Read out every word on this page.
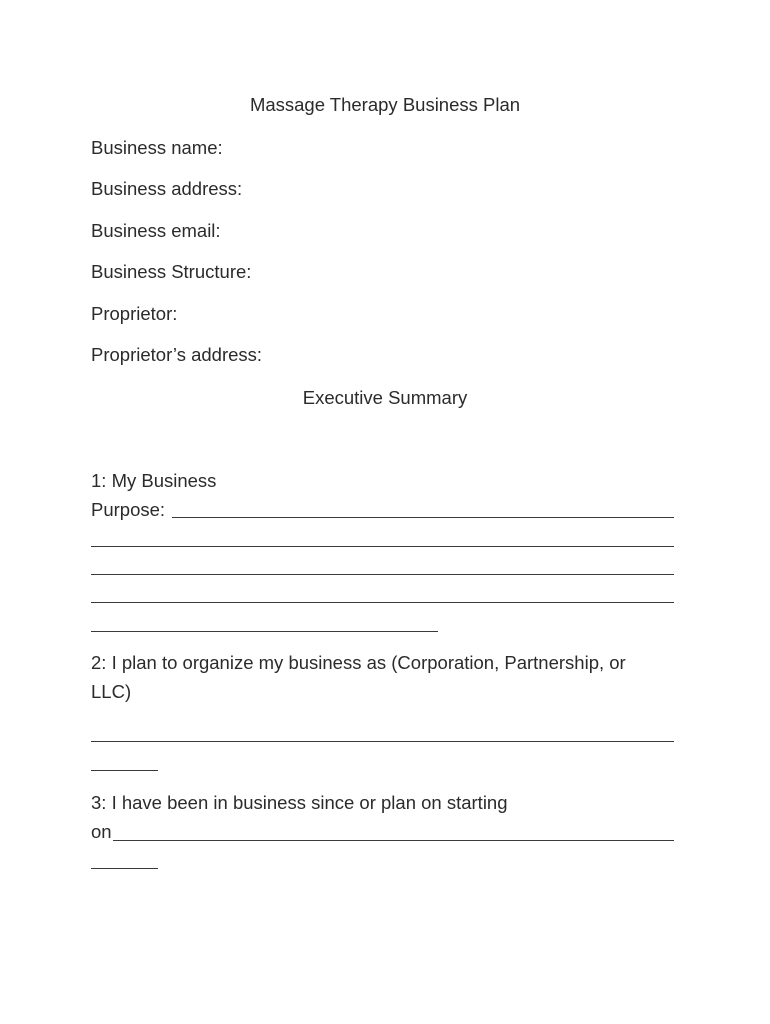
Massage Therapy Business Plan
Business name:
Business address:
Business email:
Business Structure:
Proprietor:
Proprietor’s address:
Executive Summary
1: My Business
Purpose:
2: I plan to organize my business as (Corporation, Partnership, or
LLC)
3: I have been in business since or plan on starting
on
